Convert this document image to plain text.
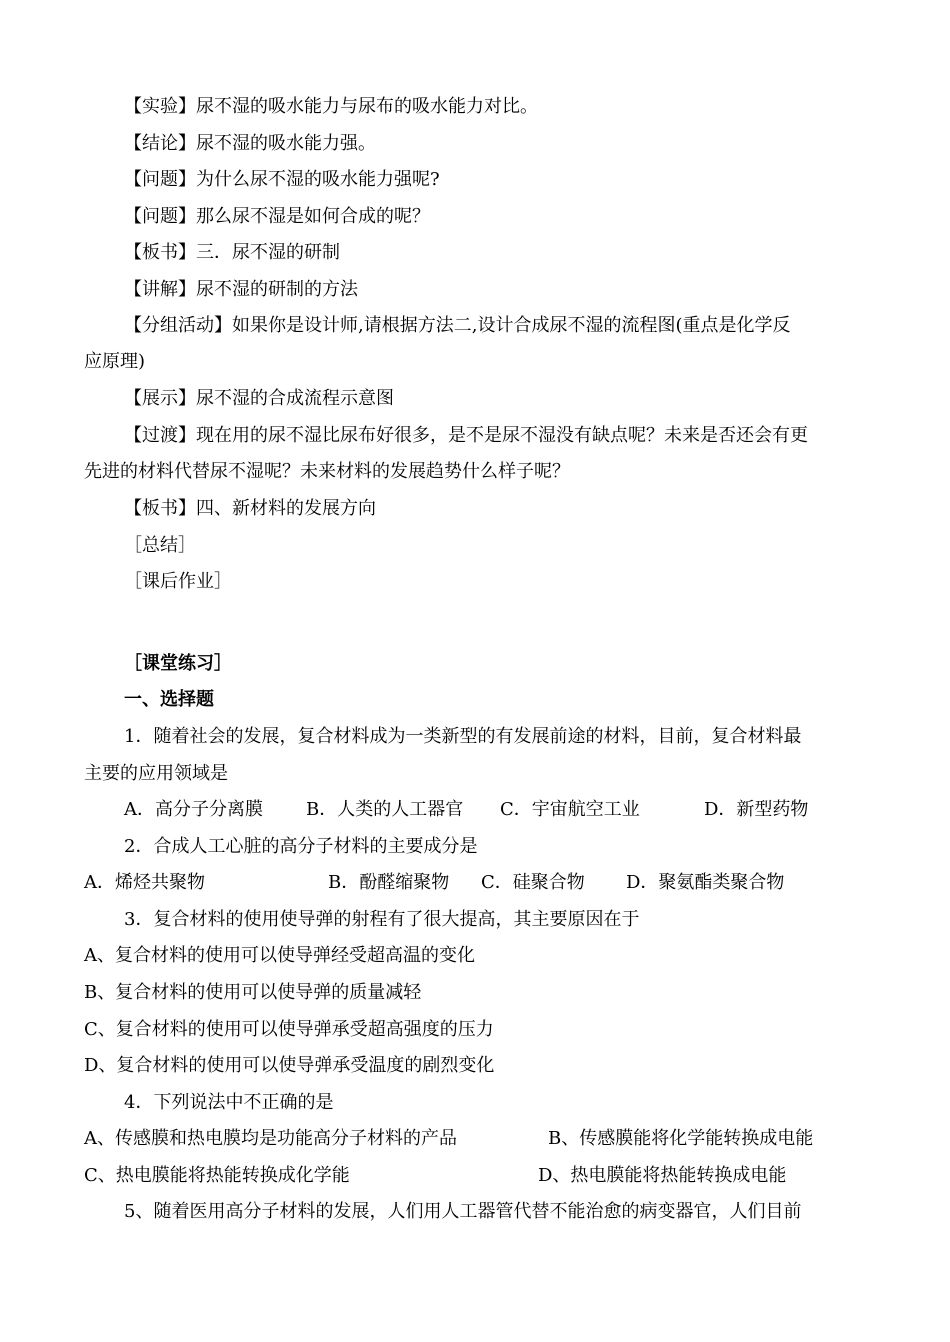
【实验】尿不湿的吸水能力与尿布的吸水能力对比。
【结论】尿不湿的吸水能力强。
【问题】为什么尿不湿的吸水能力强呢?
【问题】那么尿不湿是如何合成的呢？
【板书】三．尿不湿的研制
【讲解】尿不湿的研制的方法
【分组活动】如果你是设计师,请根据方法二,设计合成尿不湿的流程图(重点是化学反
应原理)
【展示】尿不湿的合成流程示意图
【过渡】现在用的尿不湿比尿布好很多，是不是尿不湿没有缺点呢？未来是否还会有更
先进的材料代替尿不湿呢？未来材料的发展趋势什么样子呢？
【板书】四、新材料的发展方向
［总结］
［课后作业］
［课堂练习］
一、选择题
1．随着社会的发展，复合材料成为一类新型的有发展前途的材料，目前，复合材料最
主要的应用领域是
A．高分子分离膜 B．人类的人工器官 C．宇宙航空工业	D．新型药物
2．合成人工心脏的高分子材料的主要成分是
A．烯烃共聚物	B．酚醛缩聚物 C．硅聚合物 D．聚氨酯类聚合物
3．复合材料的使用使导弹的射程有了很大提高，其主要原因在于
A、复合材料的使用可以使导弹经受超高温的变化
B、复合材料的使用可以使导弹的质量减轻
C、复合材料的使用可以使导弹承受超高强度的压力
D、复合材料的使用可以使导弹承受温度的剧烈变化
4．下列说法中不正确的是
A、传感膜和热电膜均是功能高分子材料的产品	B、传感膜能将化学能转换成电能
C、热电膜能将热能转换成化学能	D、热电膜能将热能转换成电能
5、随着医用高分子材料的发展，人们用人工器管代替不能治愈的病变器官，人们目前
